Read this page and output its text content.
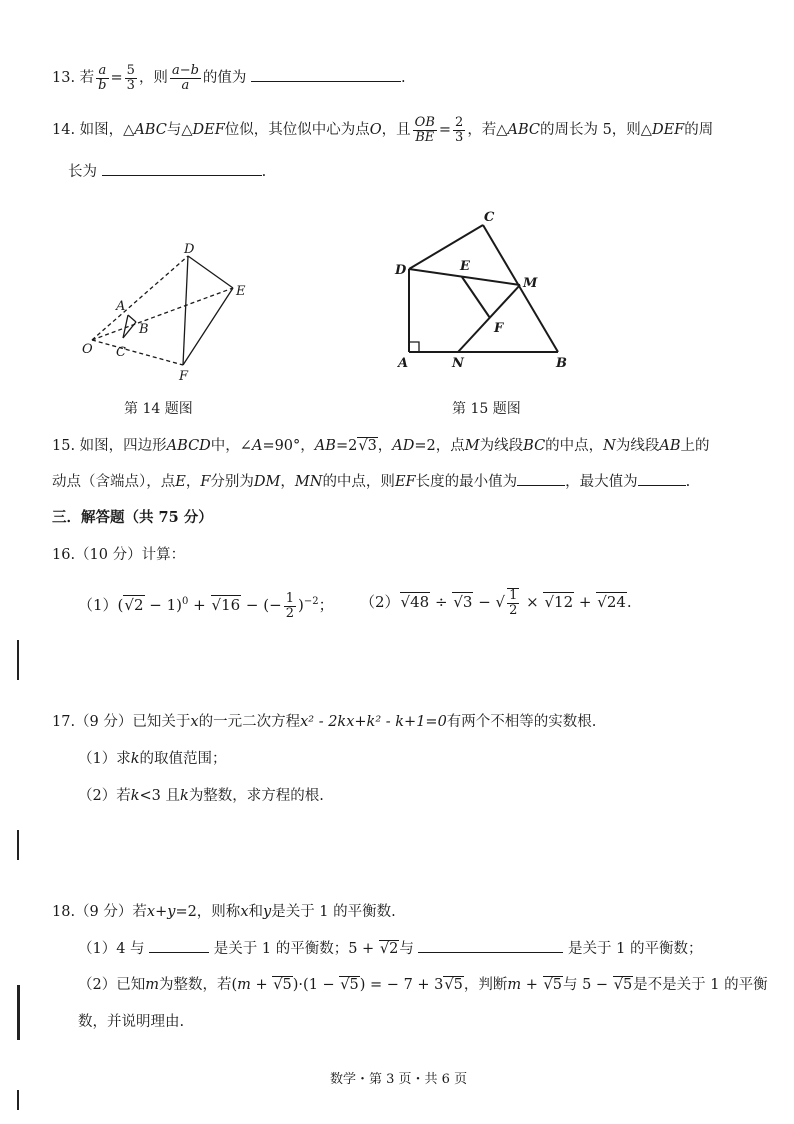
13. 若 $\frac{a}{b} = \frac{5}{3}$ ，则 $\frac{a-b}{a}$ 的值为	.
14. 如图，△ABC与△DEF位似，其位似中心为点O，且 $\frac{OB}{BE} = \frac{2}{3}$ ，若△ABC的周长为 5，则△DEF的周
长为	.
D
A
E
B
O C
F
第 14 题图
C
D	E
M
F
A	N	B
第 15 题图
15. 如图，四边形ABCD中，∠A=90°，AB=2√3，AD=2，点M为线段BC的中点，N为线段AB上的
动点（含端点），点E，F分别为DM，MN的中点，则EF长度的最小值为	，最大值为	.
三．解答题（共 75 分）
16.（10 分）计算：
$(1)(√2 - 1)^0 + √16$ − (− $\frac{1}{2} )^{-2}$； （2）√48 ÷ √3 − √ $\frac{1}{2} \times √12 + √24$.
17.（9 分）已知关于x的一元二次方程x² - 2kx+k² - k+1=0有两个不相等的实数根.
（1）求k的取值范围；
（2）若k<3 且k为整数，求方程的根.
18.（9 分）若x+y=2，则称x和y是关于 1 的平衡数.
（1）4 与	是关于 1 的平衡数；5 + √2与	是关于 1 的平衡数；
（2）已知m为整数，若(m + √5)·(1 − √5) = − 7 + 3√5，判断m + √5与 5 − √5是不是关于 1 的平衡
数，并说明理由.
数学・第 3 页・共 6 页
